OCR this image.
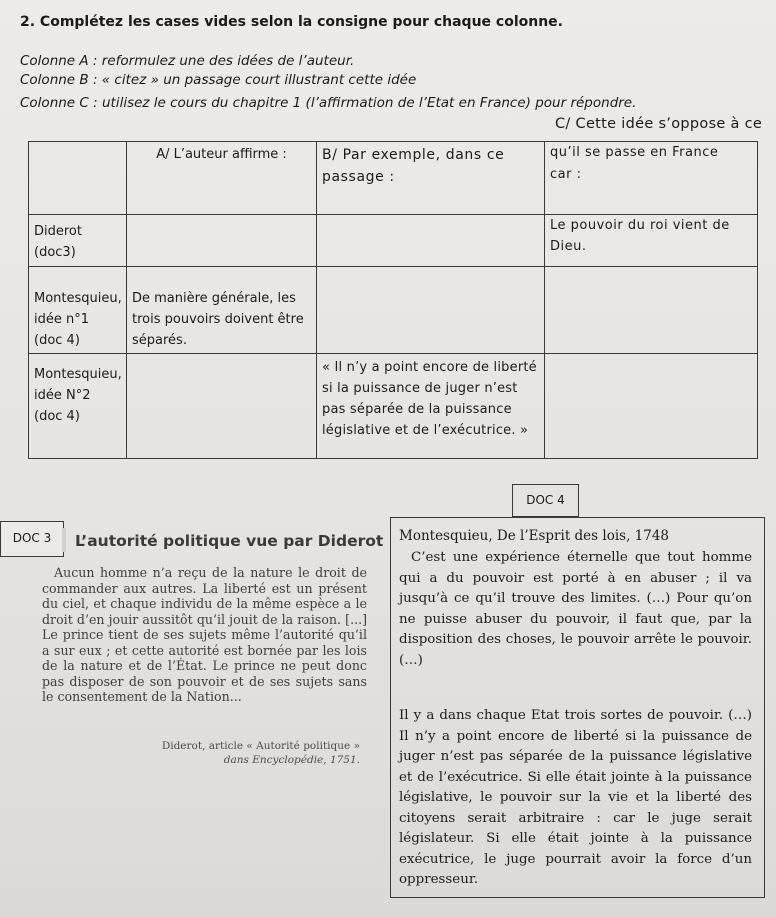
2. Complétez les cases vides selon la consigne pour chaque colonne.
Colonne A : reformulez une des idées de l’auteur.
Colonne B : « citez » un passage court illustrant cette idée
Colonne C : utilisez le cours du chapitre 1 (l’affirmation de l’Etat en France) pour répondre.
	A/ L’auteur affirme :	B/ Par exemple, dans ce passage :	qu’il se passe en France
car :

Diderot (doc3)			Le pouvoir du roi vient de
Dieu.

Montesquieu, idée n°1 (doc 4)	De manière générale, les trois pouvoirs doivent être séparés.		
Montesquieu, idée N°2 (doc 4)		« Il n’y a point encore de liberté si la puissance de juger n’est pas séparée de la puissance législative et de l’exécutrice. »	
C/ Cette idée s’oppose à ce
DOC 4
DOC 3	L’autorité politique vue par Diderot
Aucun homme n’a reçu de la nature le droit de commander aux autres. La liberté est un présent du ciel, et chaque individu de la même espèce a le droit d’en jouir aussitôt qu’il jouit de la raison. [...] Le prince tient de ses sujets même l’autorité qu’il a sur eux ; et cette autorité est bornée par les lois de la nature et de l’État. Le prince ne peut donc pas disposer de son pouvoir et de ses sujets sans le consentement de la Nation...
Diderot, article « Autorité politique »
dans Encyclopédie, 1751.
Montesquieu, De l’Esprit des lois, 1748
C’est une expérience éternelle que tout homme qui a du pouvoir est porté à en abuser ; il va jusqu’à ce qu’il trouve des limites. (…) Pour qu’on ne puisse abuser du pouvoir, il faut que, par la disposition des choses, le pouvoir arrête le pouvoir. (…)
Il y a dans chaque Etat trois sortes de pouvoir. (…) Il n’y a point encore de liberté si la puissance de juger n’est pas séparée de la puissance législative et de l’exécutrice. Si elle était jointe à la puissance législative, le pouvoir sur la vie et la liberté des citoyens serait arbitraire : car le juge serait législateur. Si elle était jointe à la puissance exécutrice, le juge pourrait avoir la force d’un oppresseur.
